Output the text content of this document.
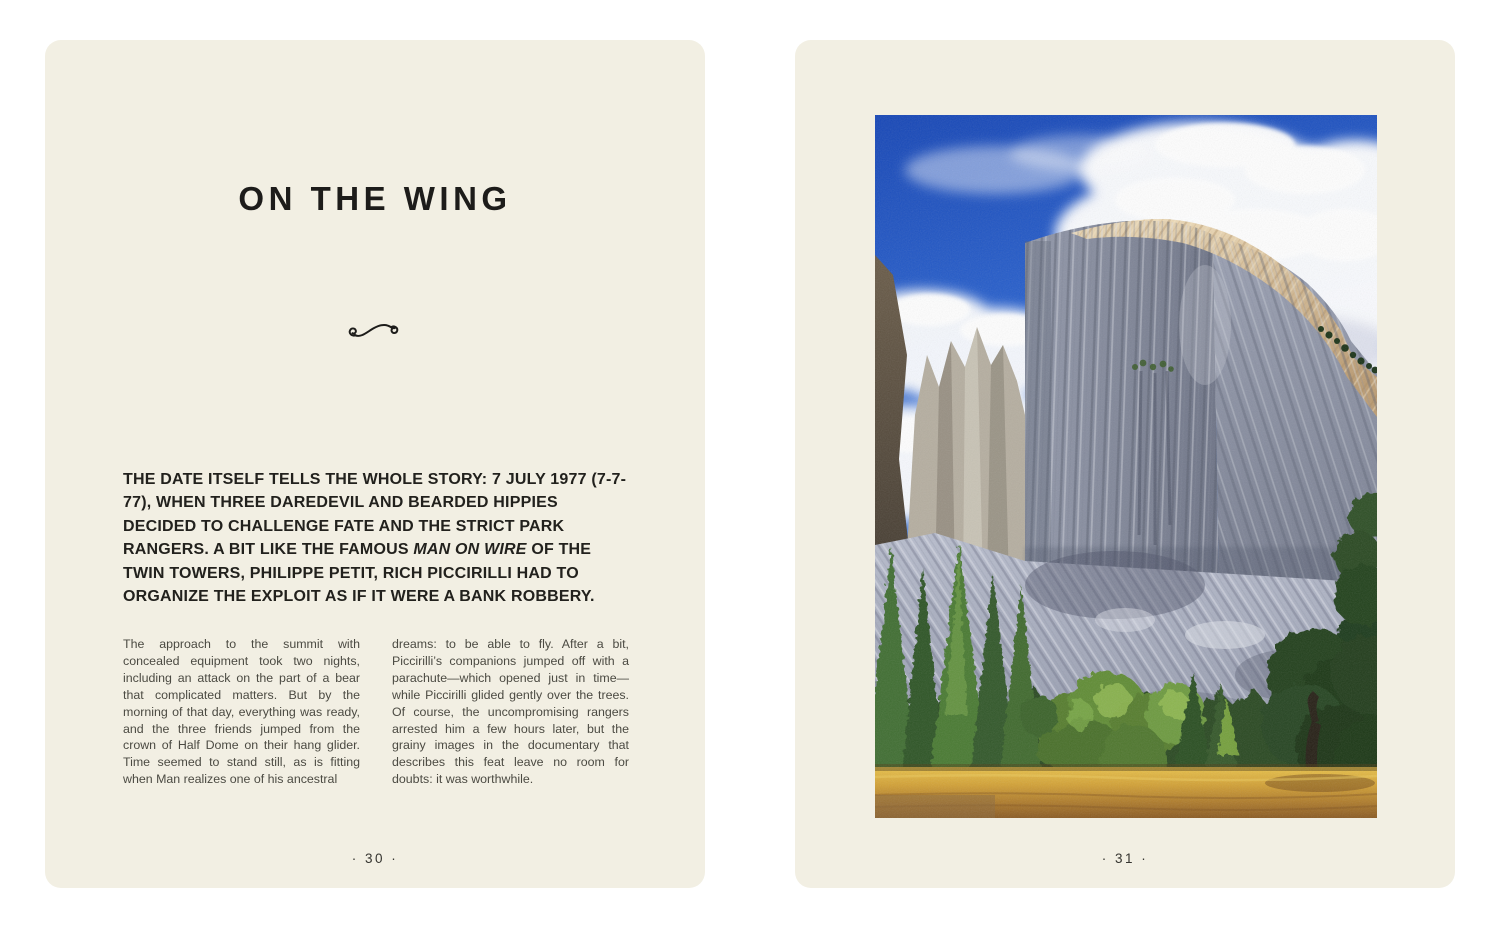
ON THE WING

THE DATE ITSELF TELLS THE WHOLE STORY: 7 JULY 1977 (7-7-77), WHEN THREE DAREDEVIL AND BEARDED HIPPIES DECIDED TO CHALLENGE FATE AND THE STRICT PARK RANGERS. A BIT LIKE THE FAMOUS MAN ON WIRE OF THE TWIN TOWERS, PHILIPPE PETIT, RICH PICCIRILLI HAD TO ORGANIZE THE EXPLOIT AS IF IT WERE A BANK ROBBERY.

The approach to the summit with concealed equipment took two nights, including an attack on the part of a bear that complicated matters. But by the morning of that day, everything was ready, and the three friends jumped from the crown of Half Dome on their hang glider. Time seemed to stand still, as is fitting when Man realizes one of his ancestral
dreams: to be able to fly. After a bit, Piccirilli’s companions jumped off with a parachute—which opened just in time—while Piccirilli glided gently over the trees. Of course, the uncompromising rangers arrested him a few hours later, but the grainy images in the documentary that describes this feat leave no room for doubts: it was worthwhile.
· 30 ·	· 31 ·
